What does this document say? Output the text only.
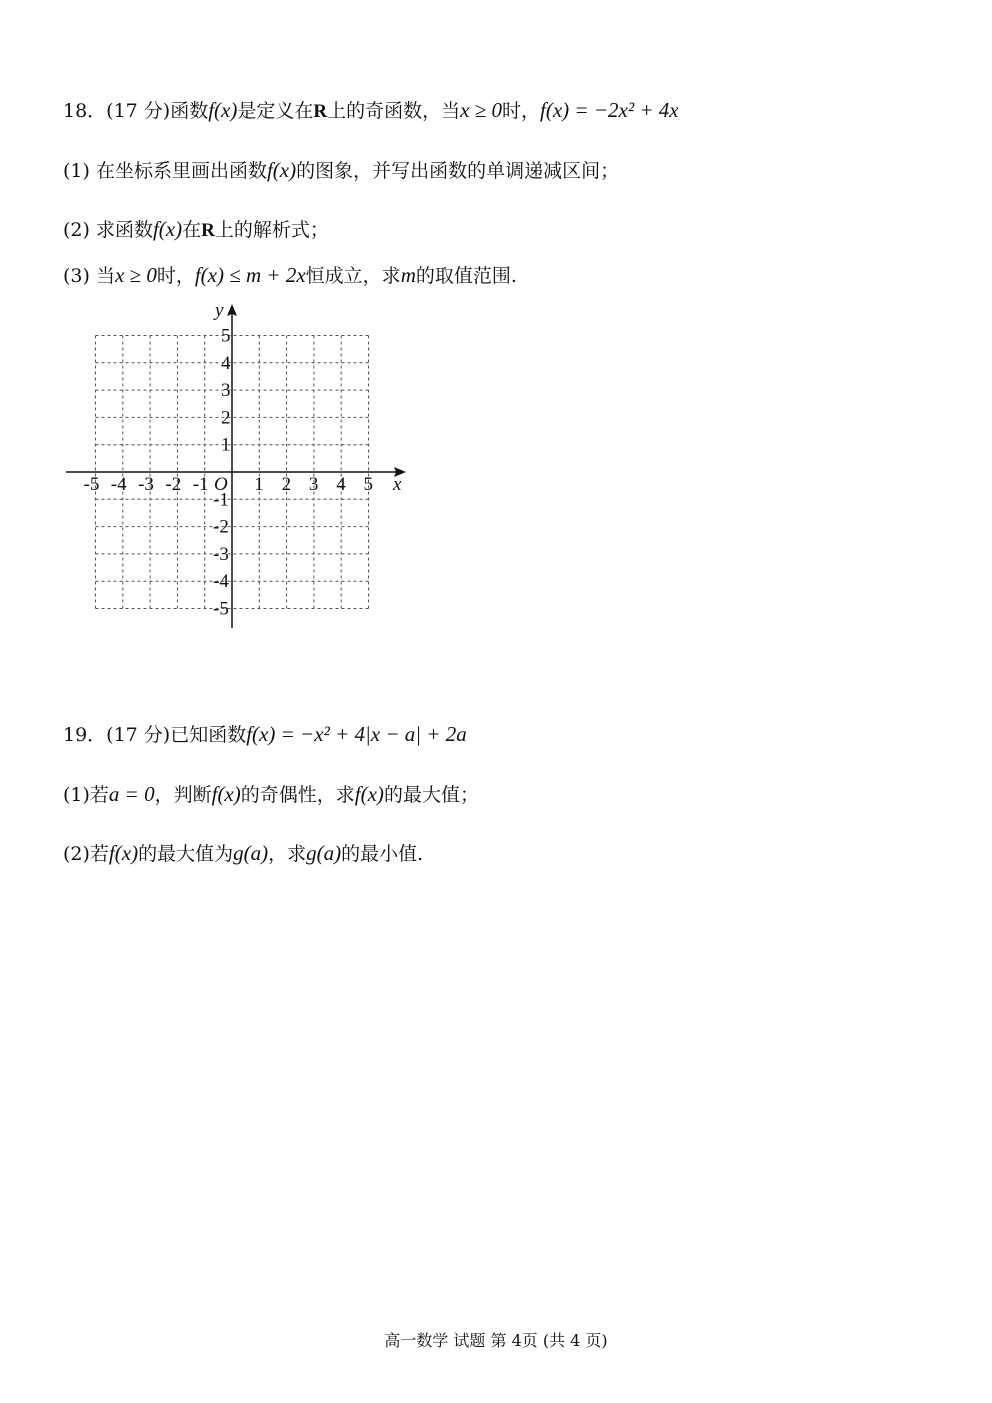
18．(17 分)函数f(x)是定义在R上的奇函数，当x ≥ 0时，f(x) = −2x² + 4x
(1) 在坐标系里画出函数f(x)的图象，并写出函数的单调递减区间；
(2) 求函数f(x)在R上的解析式；
(3) 当x ≥ 0时，f(x) ≤ m + 2x恒成立，求m的取值范围.
x
y
O
-5 -4 -3 -2 -1 1 2 3 4 5
5
4
3
2
1
-1
-2
-3
-4
-5
19．(17 分)已知函数f(x) = −x² + 4|x − a| + 2a
(1)若a = 0，判断f(x)的奇偶性，求f(x)的最大值；
(2)若f(x)的最大值为g(a)，求g(a)的最小值.
高一数学 试题 第 4页 (共 4 页)
